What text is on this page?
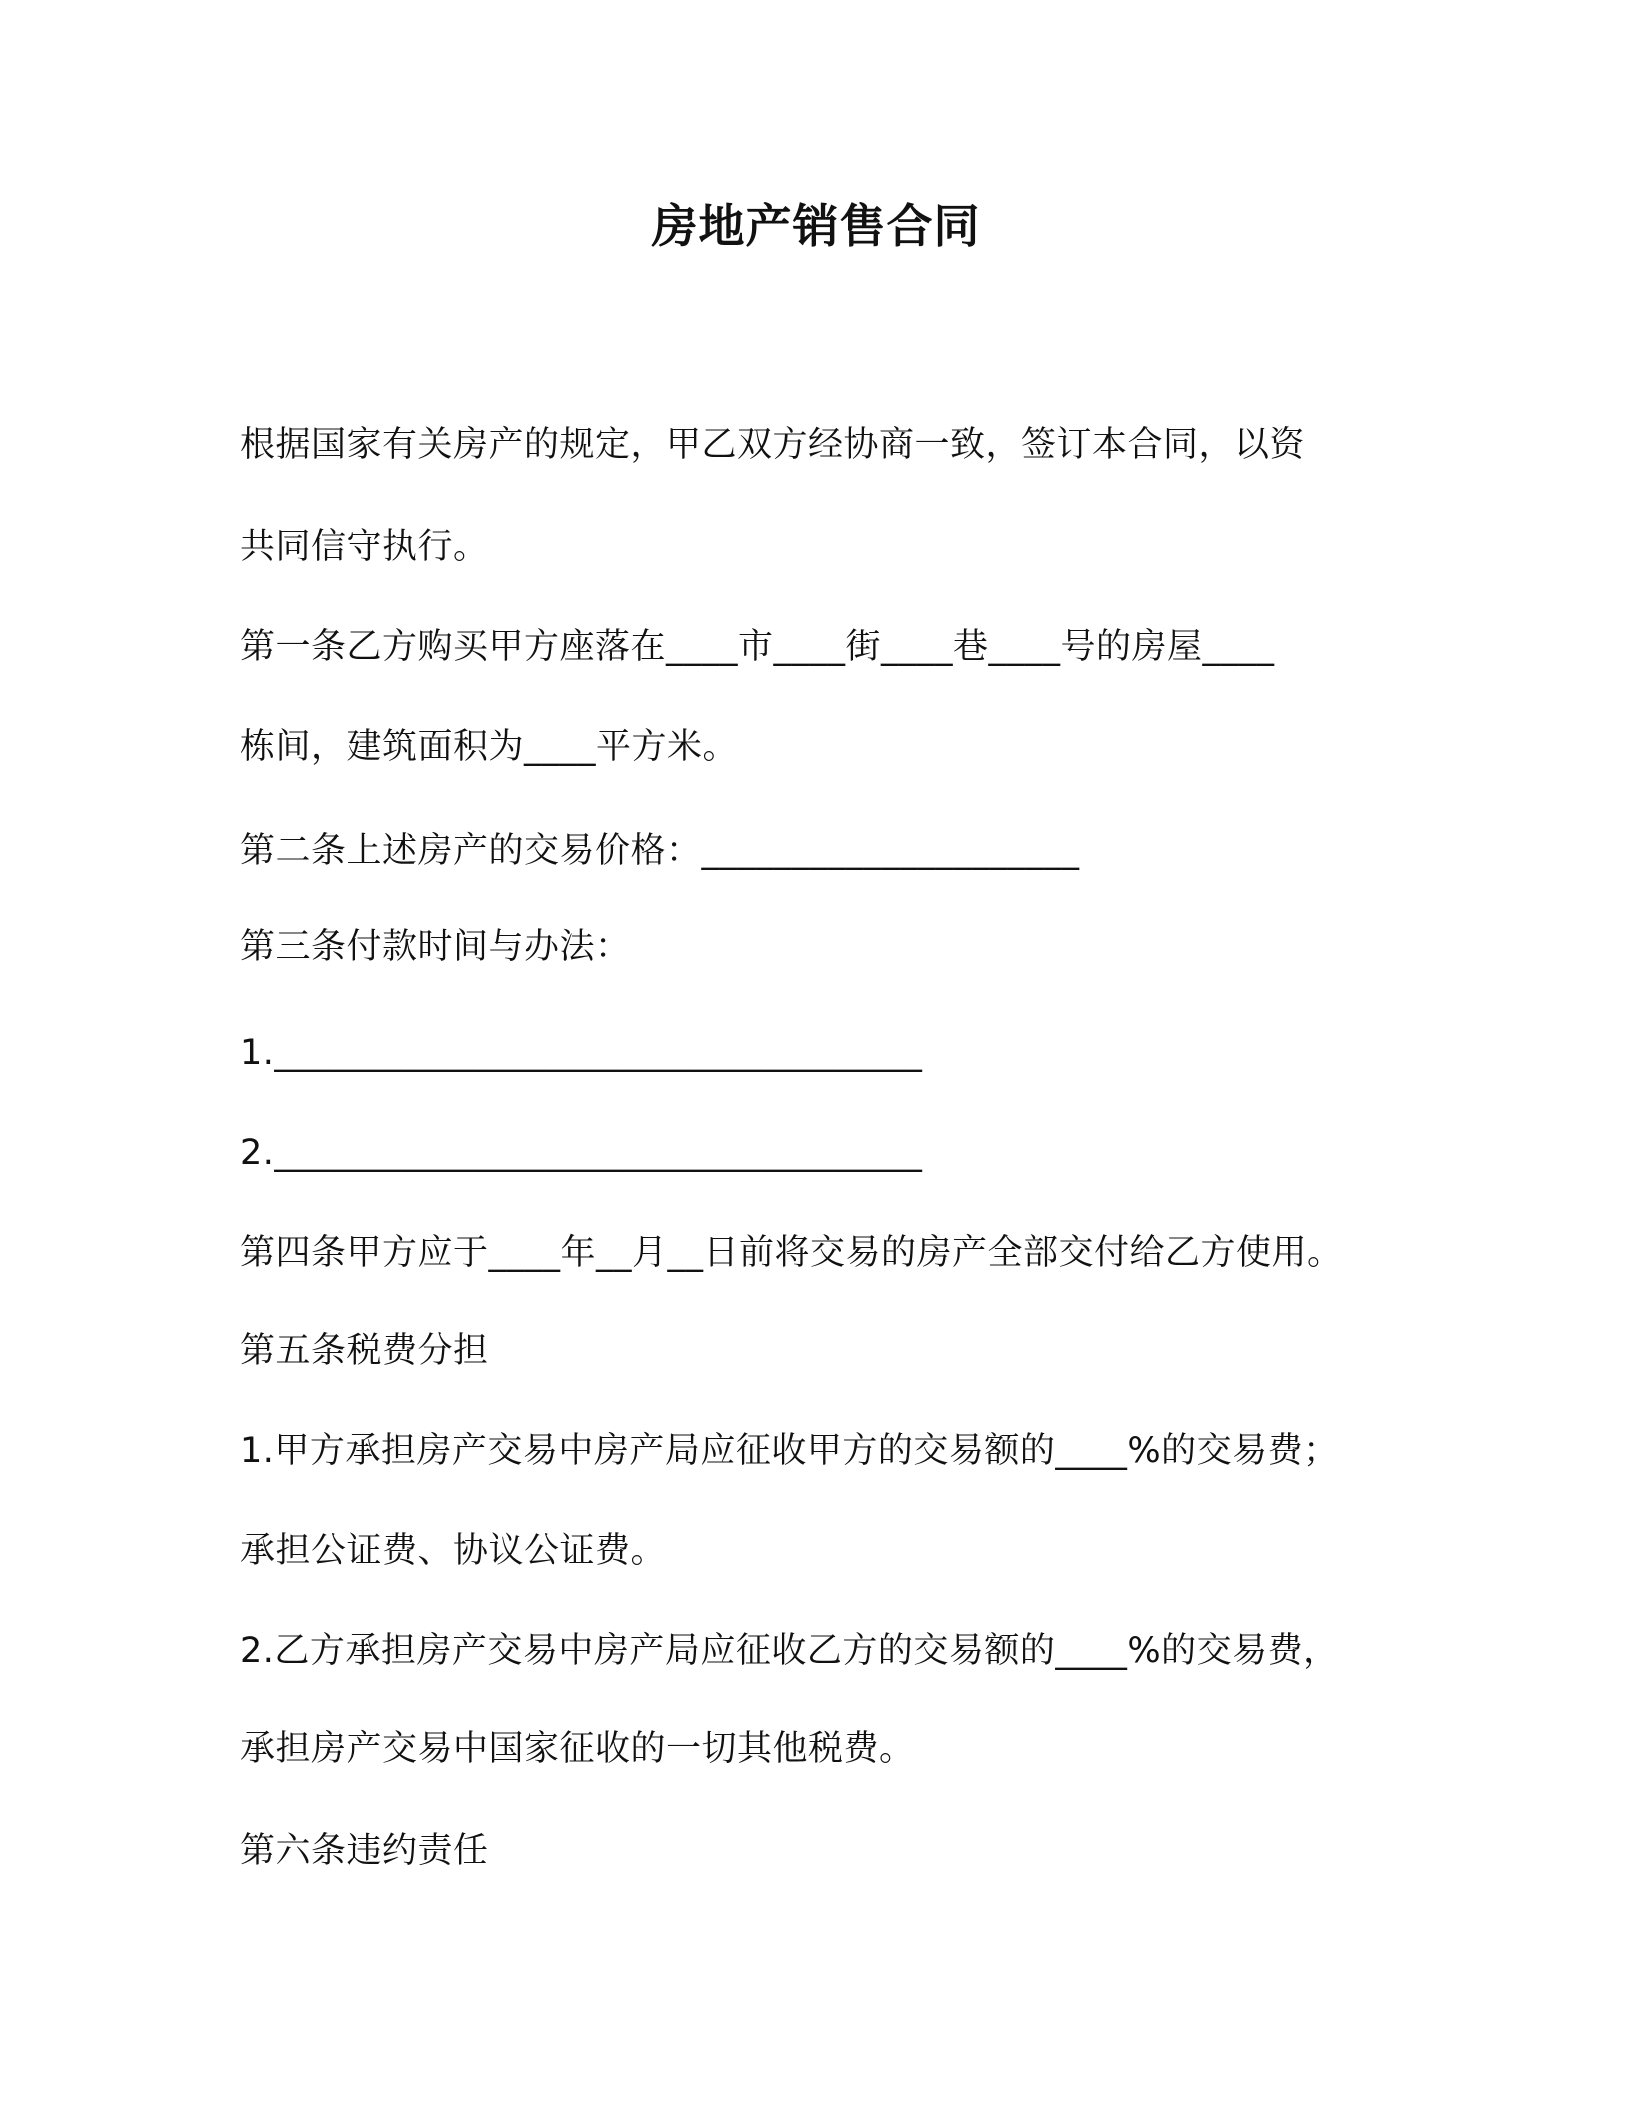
房地产销售合同
根据国家有关房产的规定，甲乙双方经协商一致，签订本合同，以资
共同信守执行。
第一条乙方购买甲方座落在____市____街____巷____号的房屋____
栋间，建筑面积为____平方米。
第二条上述房产的交易价格：_____________________
第三条付款时间与办法：
1.____________________________________
2.____________________________________
第四条甲方应于____年__月__日前将交易的房产全部交付给乙方使用。
第五条税费分担
1.甲方承担房产交易中房产局应征收甲方的交易额的____%的交易费；
承担公证费、协议公证费。
2.乙方承担房产交易中房产局应征收乙方的交易额的____%的交易费，
承担房产交易中国家征收的一切其他税费。
第六条违约责任
